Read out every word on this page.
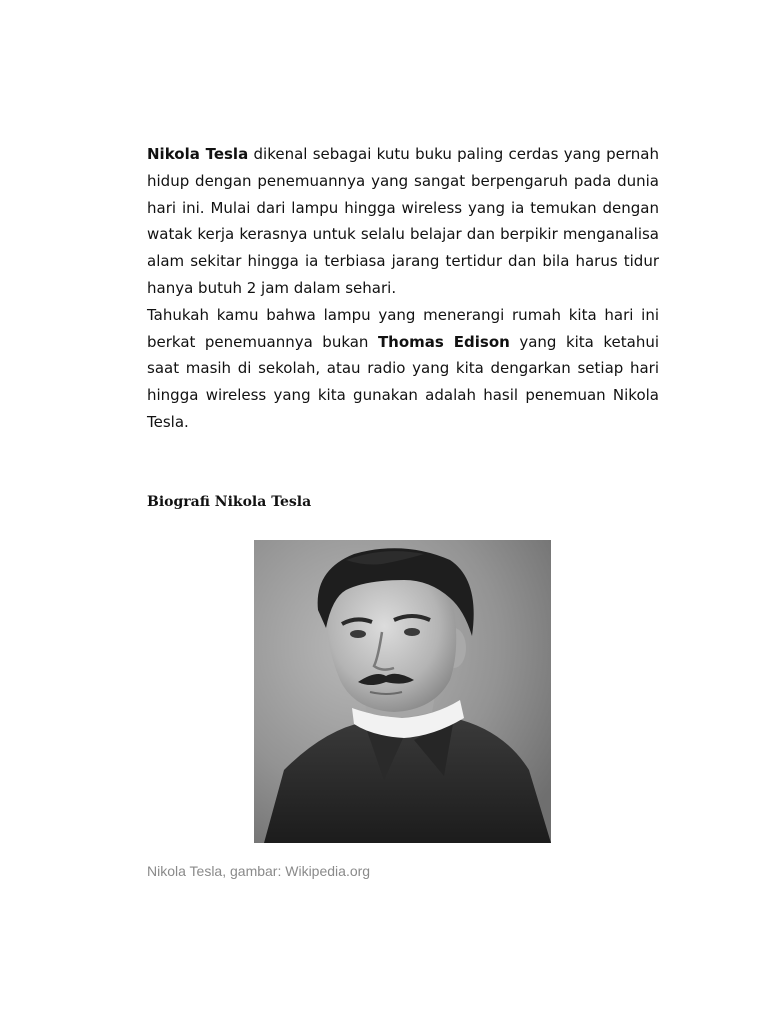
Nikola Tesla dikenal sebagai kutu buku paling cerdas yang pernah hidup dengan penemuannya yang sangat berpengaruh pada dunia hari ini. Mulai dari lampu hingga wireless yang ia temukan dengan watak kerja kerasnya untuk selalu belajar dan berpikir menganalisa alam sekitar hingga ia terbiasa jarang tertidur dan bila harus tidur hanya butuh 2 jam dalam sehari.

Tahukah kamu bahwa lampu yang menerangi rumah kita hari ini berkat penemuannya bukan Thomas Edison yang kita ketahui saat masih di sekolah, atau radio yang kita dengarkan setiap hari hingga wireless yang kita gunakan adalah hasil penemuan Nikola Tesla.

Biografi Nikola Tesla
Nikola Tesla, gambar: Wikipedia.org
